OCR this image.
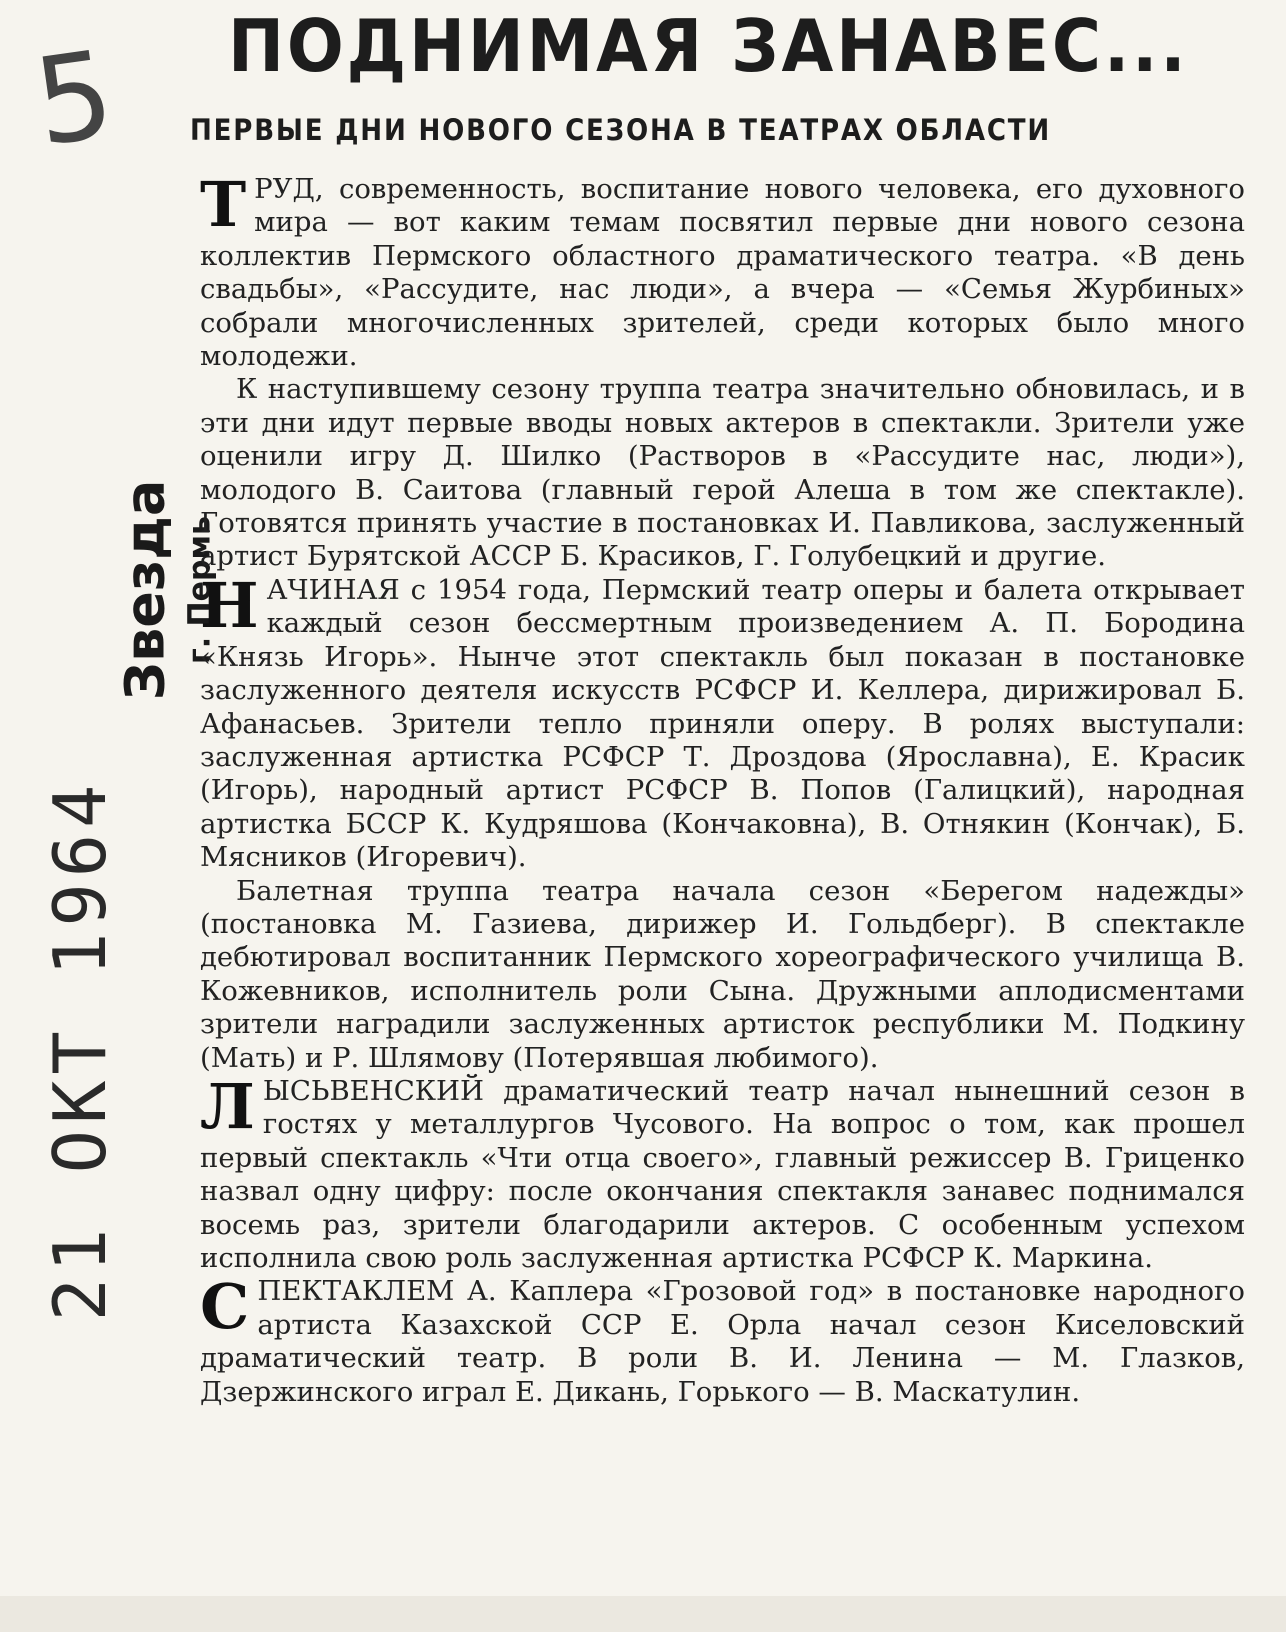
5
Звезда г. Пермь
21 ОКТ 1964
ПОДНИМАЯ ЗАНАВЕС...
ПЕРВЫЕ ДНИ НОВОГО СЕЗОНА В ТЕАТРАХ ОБЛАСТИ

ТРУД, современность, воспитание нового человека, его духовного мира — вот каким темам посвятил первые дни нового сезона коллектив Пермского областного драматического театра. «В день свадьбы», «Рассудите, нас люди», а вчера — «Семья Журбиных» собрали многочисленных зрителей, среди которых было много молодежи.

К наступившему сезону труппа театра значительно обновилась, и в эти дни идут первые вводы новых актеров в спектакли. Зрители уже оценили игру Д. Шилко (Растворов в «Рассудите нас, люди»), молодого В. Саитова (главный герой Алеша в том же спектакле). Готовятся принять участие в постановках И. Павликова, заслуженный артист Бурятской АССР Б. Красиков, Г. Голубецкий и другие.

НАЧИНАЯ с 1954 года, Пермский театр оперы и балета открывает каждый сезон бессмертным произведением А. П. Бородина «Князь Игорь». Нынче этот спектакль был показан в постановке заслуженного деятеля искусств РСФСР И. Келлера, дирижировал Б. Афанасьев. Зрители тепло приняли оперу. В ролях выступали: заслуженная артистка РСФСР Т. Дроздова (Ярославна), Е. Красик (Игорь), народный артист РСФСР В. Попов (Галицкий), народная артистка БССР К. Кудряшова (Кончаковна), В. Отнякин (Кончак), Б. Мясников (Игоревич).

Балетная труппа театра начала сезон «Берегом надежды» (постановка М. Газиева, дирижер И. Гольдберг). В спектакле дебютировал воспитанник Пермского хореографического училища В. Кожевников, исполнитель роли Сына. Дружными аплодисментами зрители наградили заслуженных артисток республики М. Подкину (Мать) и Р. Шлямову (Потерявшая любимого).

ЛЫСЬВЕНСКИЙ драматический театр начал нынешний сезон в гостях у металлургов Чусового. На вопрос о том, как прошел первый спектакль «Чти отца своего», главный режиссер В. Гриценко назвал одну цифру: после окончания спектакля занавес поднимался восемь раз, зрители благодарили актеров. С особенным успехом исполнила свою роль заслуженная артистка РСФСР К. Маркина.

СПЕКТАКЛЕМ А. Каплера «Грозовой год» в постановке народного артиста Казахской ССР Е. Орла начал сезон Киселовский драматический театр. В роли В. И. Ленина — М. Глазков, Дзержинского играл Е. Дикань, Горького — В. Маскатулин.
